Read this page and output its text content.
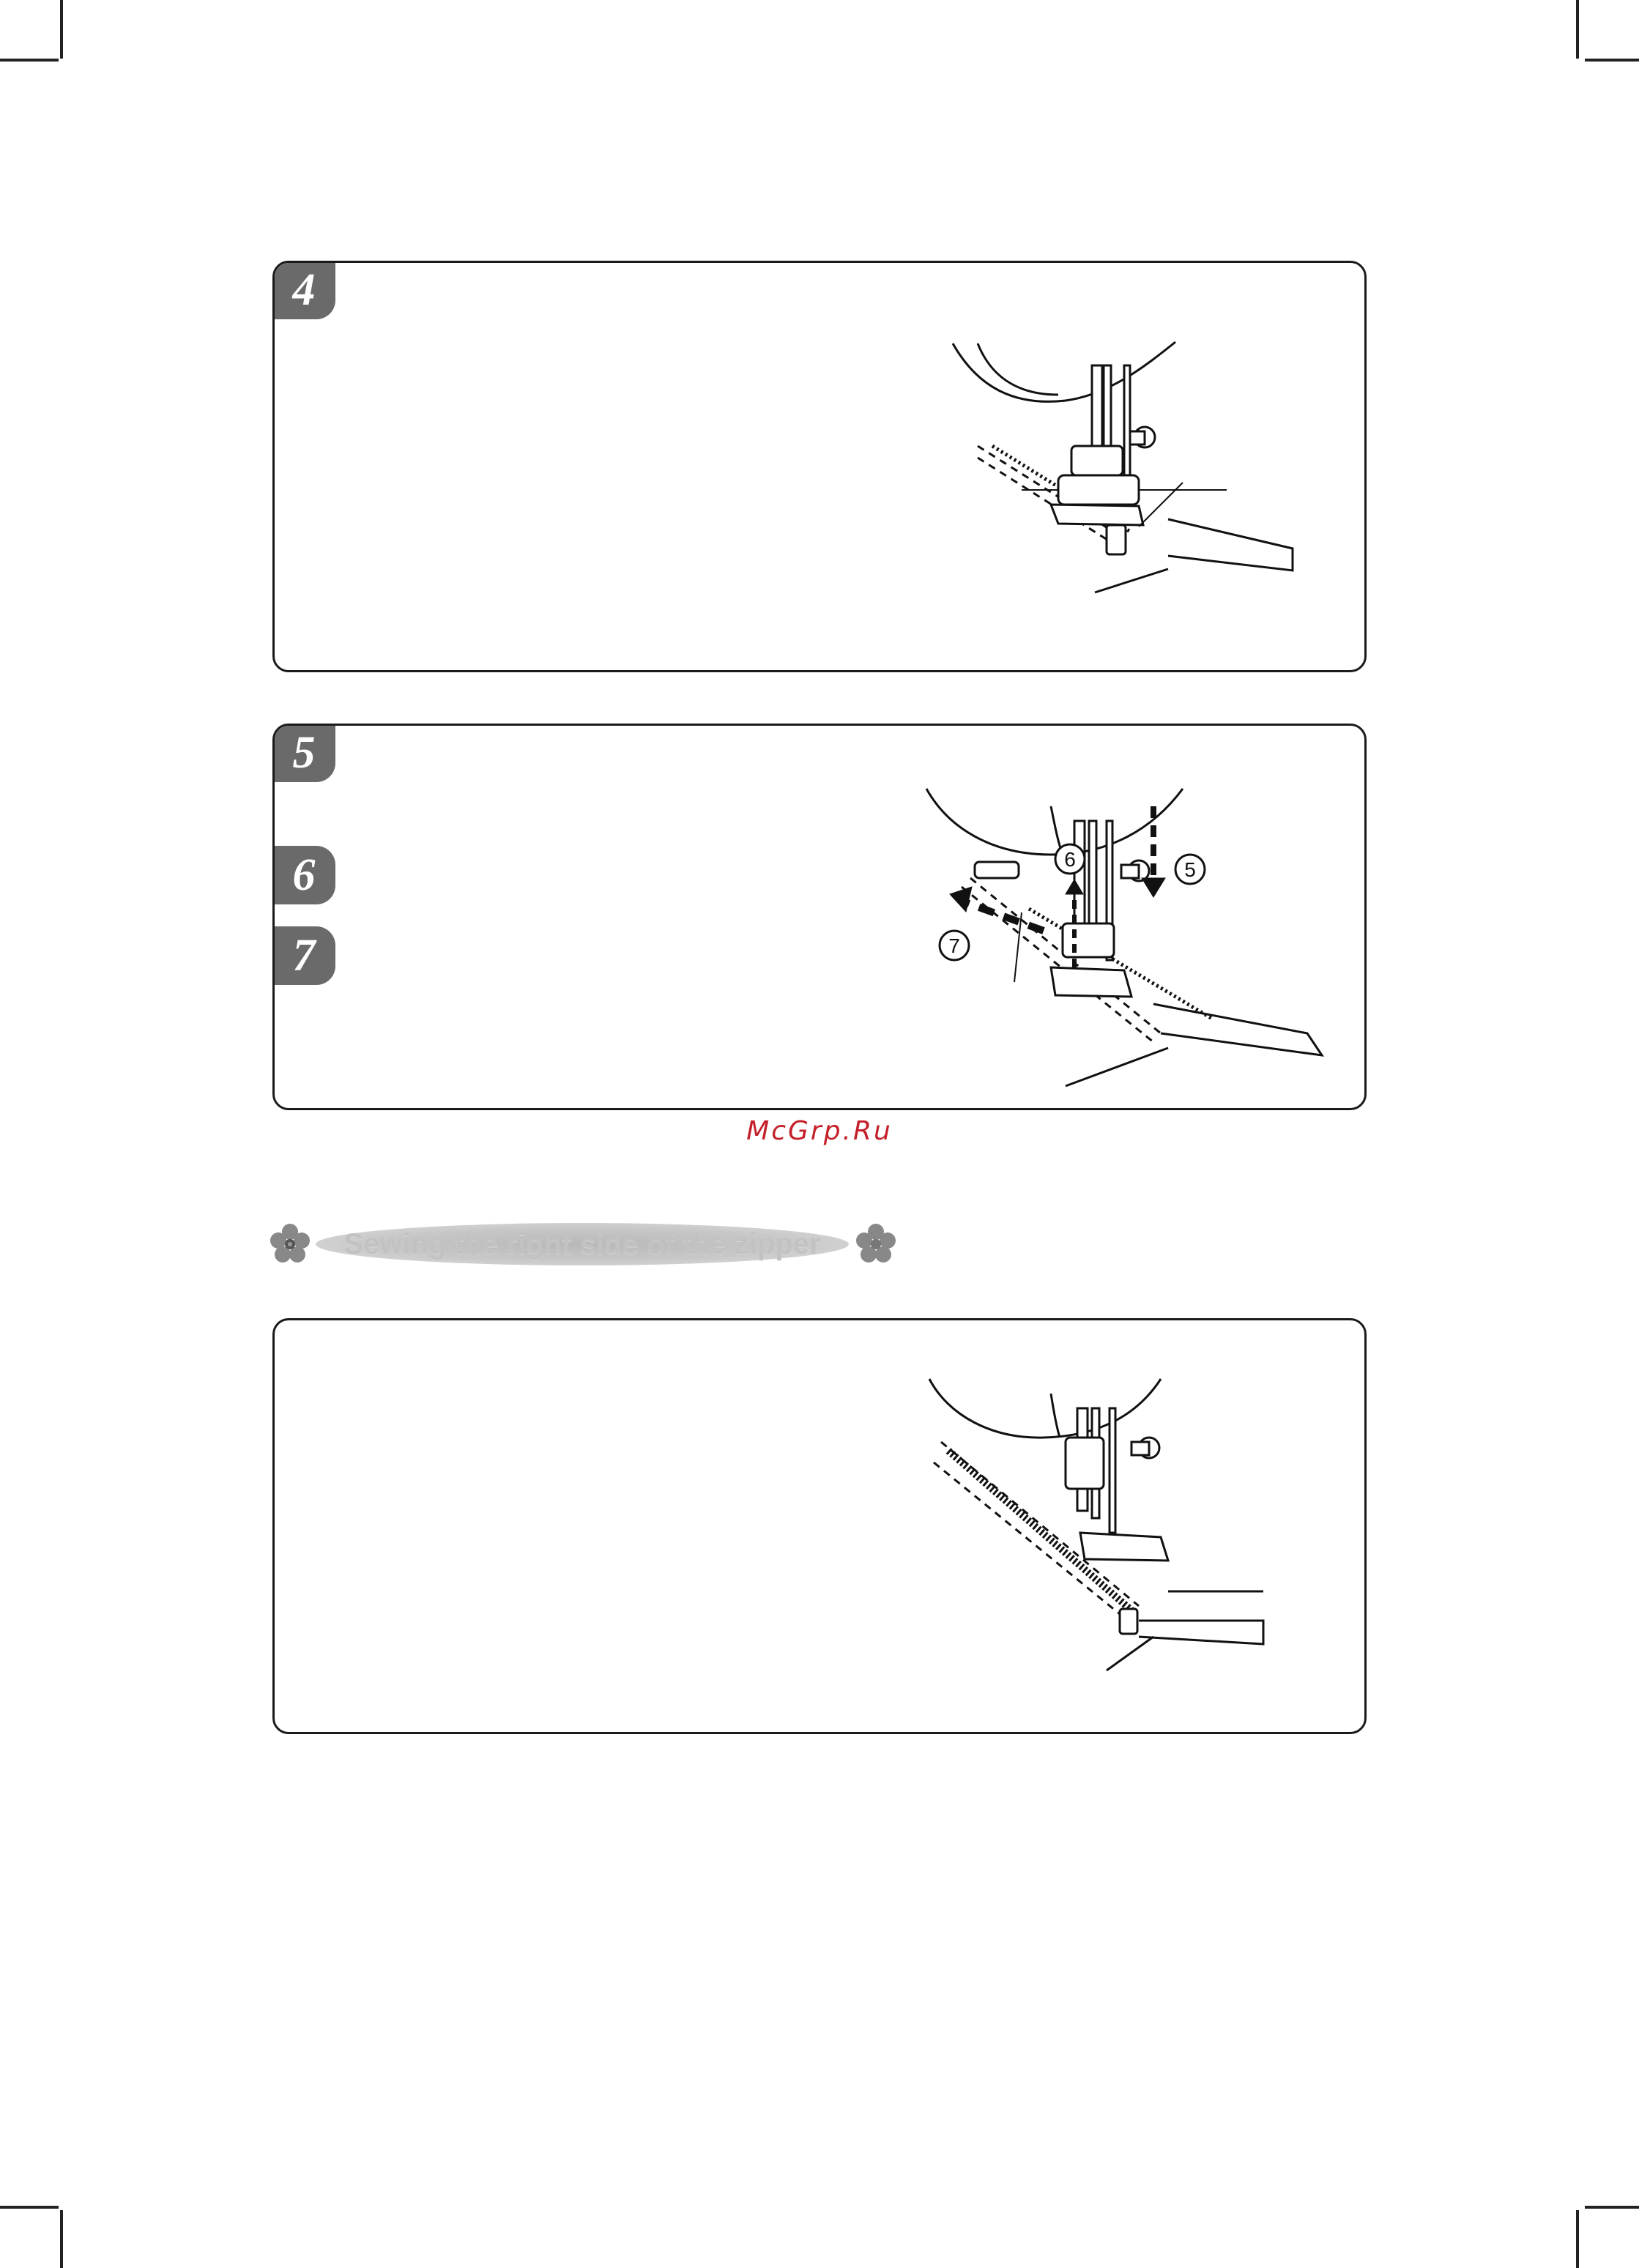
4
5
6
7
6	5
7
McGrp.Ru
Sewing the right side of the zipper
